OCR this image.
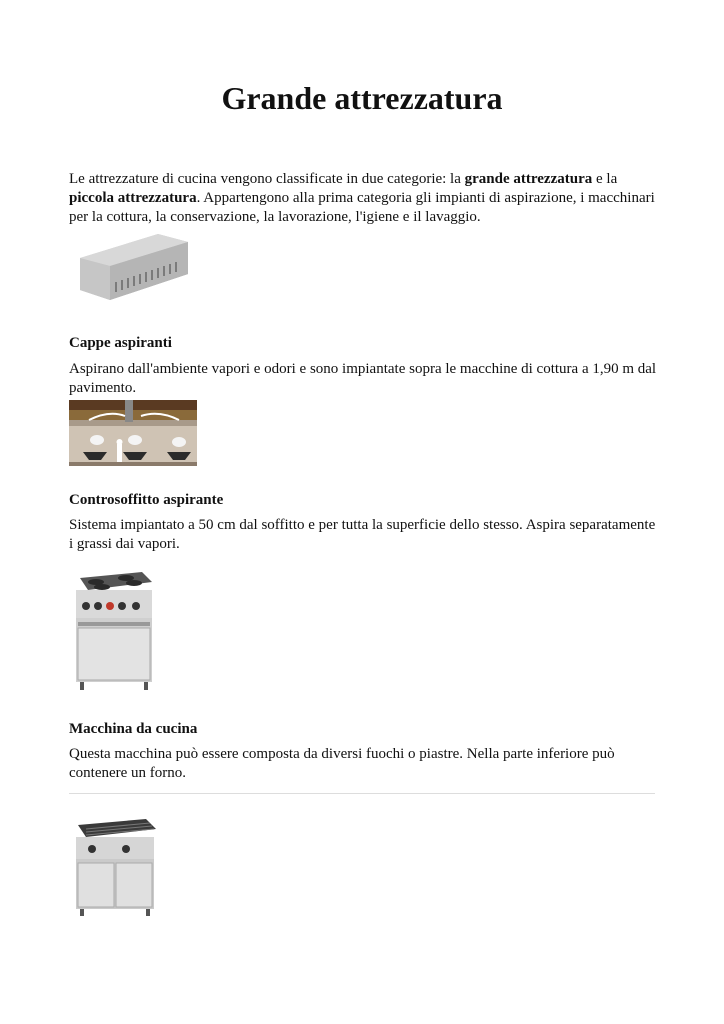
Grande attrezzatura

Le attrezzature di cucina vengono classificate in due categorie: la grande attrezzatura e la piccola attrezzatura. Appartengono alla prima categoria gli impianti di aspirazione, i macchinari per la cottura, la conservazione, la lavorazione, l'igiene e il lavaggio.

Cappe aspiranti

Aspirano dall'ambiente vapori e odori e sono impiantate sopra le macchine di cottura a 1,90 m dal pavimento.

Controsoffitto aspirante

Sistema impiantato a 50 cm dal soffitto e per tutta la superficie dello stesso. Aspira separatamente i grassi dai vapori.

Macchina da cucina

Questa macchina può essere composta da diversi fuochi o piastre. Nella parte inferiore può contenere un forno.
